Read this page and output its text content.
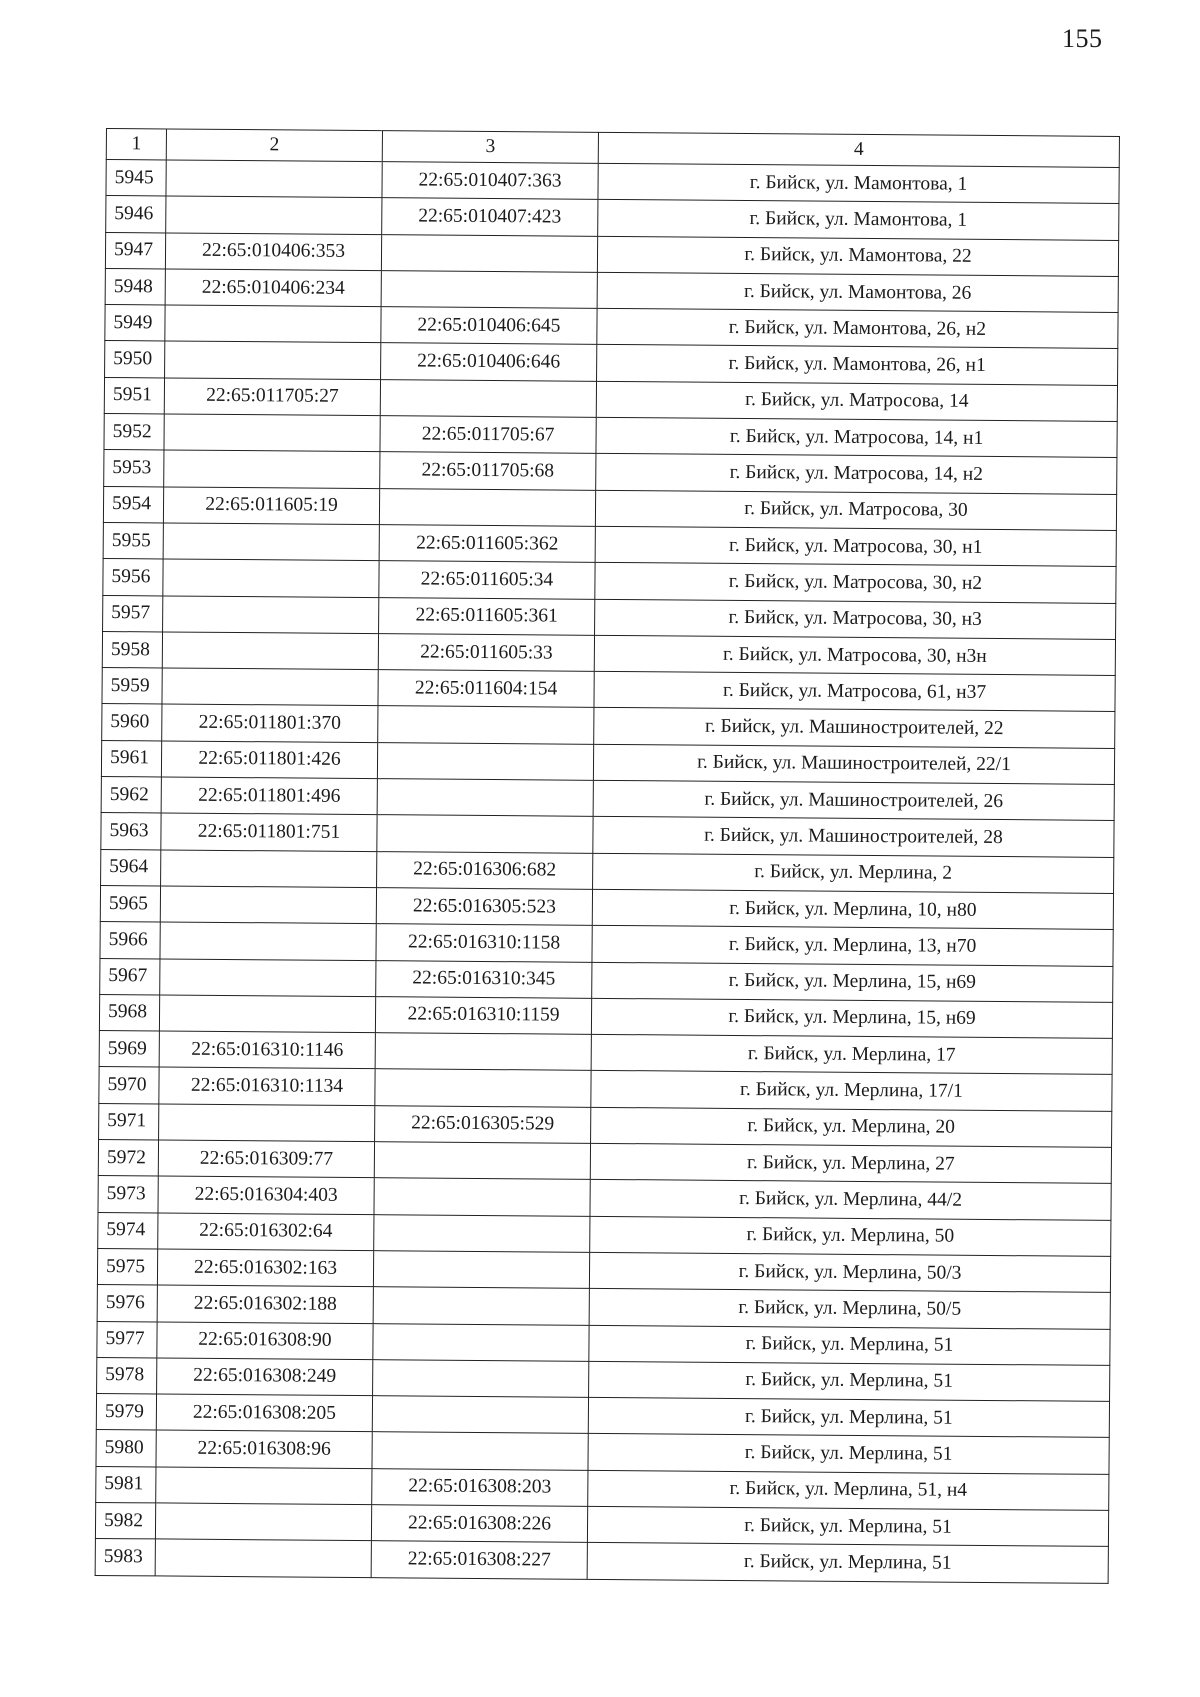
155
1	2	3	4
5945		22:65:010407:363	г. Бийск, ул. Мамонтова, 1
5946		22:65:010407:423	г. Бийск, ул. Мамонтова, 1
5947	22:65:010406:353		г. Бийск, ул. Мамонтова, 22
5948	22:65:010406:234		г. Бийск, ул. Мамонтова, 26
5949		22:65:010406:645	г. Бийск, ул. Мамонтова, 26, н2
5950		22:65:010406:646	г. Бийск, ул. Мамонтова, 26, н1
5951	22:65:011705:27		г. Бийск, ул. Матросова, 14
5952		22:65:011705:67	г. Бийск, ул. Матросова, 14, н1
5953		22:65:011705:68	г. Бийск, ул. Матросова, 14, н2
5954	22:65:011605:19		г. Бийск, ул. Матросова, 30
5955		22:65:011605:362	г. Бийск, ул. Матросова, 30, н1
5956		22:65:011605:34	г. Бийск, ул. Матросова, 30, н2
5957		22:65:011605:361	г. Бийск, ул. Матросова, 30, н3
5958		22:65:011605:33	г. Бийск, ул. Матросова, 30, н3н
5959		22:65:011604:154	г. Бийск, ул. Матросова, 61, н37
5960	22:65:011801:370		г. Бийск, ул. Машиностроителей, 22
5961	22:65:011801:426		г. Бийск, ул. Машиностроителей, 22/1
5962	22:65:011801:496		г. Бийск, ул. Машиностроителей, 26
5963	22:65:011801:751		г. Бийск, ул. Машиностроителей, 28
5964		22:65:016306:682	г. Бийск, ул. Мерлина, 2
5965		22:65:016305:523	г. Бийск, ул. Мерлина, 10, н80
5966		22:65:016310:1158	г. Бийск, ул. Мерлина, 13, н70
5967		22:65:016310:345	г. Бийск, ул. Мерлина, 15, н69
5968		22:65:016310:1159	г. Бийск, ул. Мерлина, 15, н69
5969	22:65:016310:1146		г. Бийск, ул. Мерлина, 17
5970	22:65:016310:1134		г. Бийск, ул. Мерлина, 17/1
5971		22:65:016305:529	г. Бийск, ул. Мерлина, 20
5972	22:65:016309:77		г. Бийск, ул. Мерлина, 27
5973	22:65:016304:403		г. Бийск, ул. Мерлина, 44/2
5974	22:65:016302:64		г. Бийск, ул. Мерлина, 50
5975	22:65:016302:163		г. Бийск, ул. Мерлина, 50/3
5976	22:65:016302:188		г. Бийск, ул. Мерлина, 50/5
5977	22:65:016308:90		г. Бийск, ул. Мерлина, 51
5978	22:65:016308:249		г. Бийск, ул. Мерлина, 51
5979	22:65:016308:205		г. Бийск, ул. Мерлина, 51
5980	22:65:016308:96		г. Бийск, ул. Мерлина, 51
5981		22:65:016308:203	г. Бийск, ул. Мерлина, 51, н4
5982		22:65:016308:226	г. Бийск, ул. Мерлина, 51
5983		22:65:016308:227	г. Бийск, ул. Мерлина, 51
